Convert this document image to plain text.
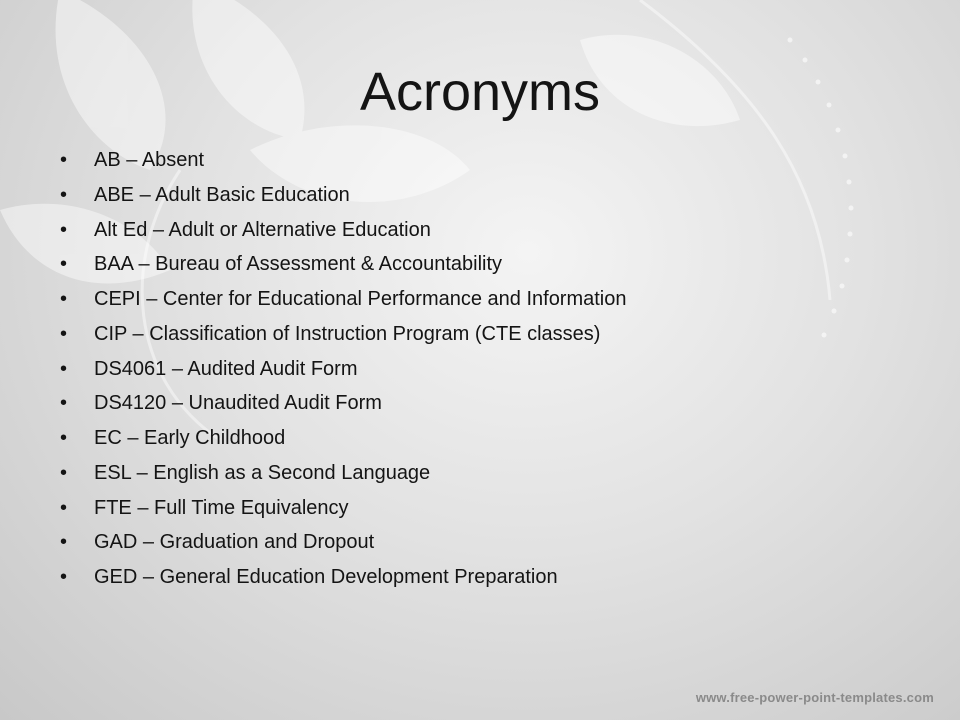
Acronyms
• AB – Absent
• ABE – Adult Basic Education
• Alt Ed – Adult or Alternative Education
• BAA – Bureau of Assessment & Accountability
• CEPI – Center for Educational Performance and Information
• CIP – Classification of Instruction Program (CTE classes)
• DS4061 – Audited Audit Form
• DS4120 – Unaudited Audit Form
• EC – Early Childhood
• ESL – English as a Second Language
• FTE – Full Time Equivalency
• GAD – Graduation and Dropout
• GED – General Education Development Preparation
www.free-power-point-templates.com
